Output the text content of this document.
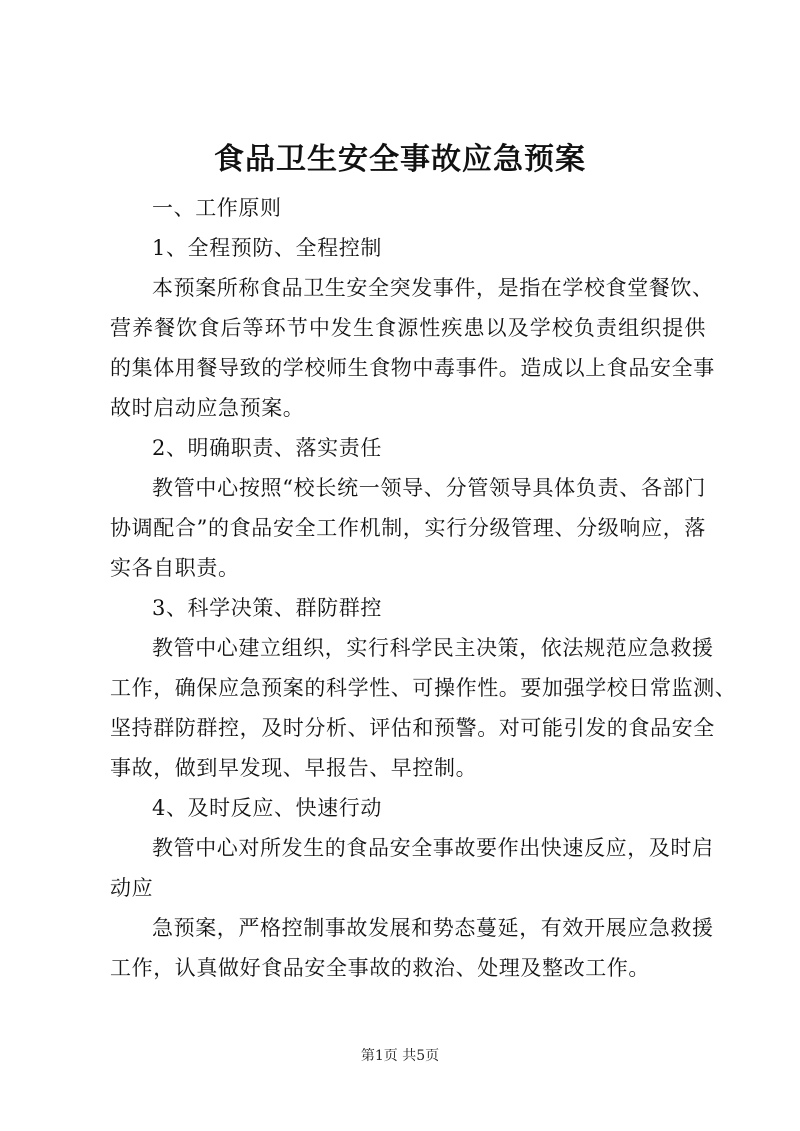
食品卫生安全事故应急预案
一、工作原则
1、全程预防、全程控制
本预案所称食品卫生安全突发事件，是指在学校食堂餐饮、
营养餐饮食后等环节中发生食源性疾患以及学校负责组织提供
的集体用餐导致的学校师生食物中毒事件。造成以上食品安全事
故时启动应急预案。
2、明确职责、落实责任
教管中心按照“校长统一领导、分管领导具体负责、各部门
协调配合”的食品安全工作机制，实行分级管理、分级响应，落
实各自职责。
3、科学决策、群防群控
教管中心建立组织，实行科学民主决策，依法规范应急救援
工作，确保应急预案的科学性、可操作性。要加强学校日常监测、
坚持群防群控，及时分析、评估和预警。对可能引发的食品安全
事故，做到早发现、早报告、早控制。
4、及时反应、快速行动
教管中心对所发生的食品安全事故要作出快速反应，及时启
动应
急预案，严格控制事故发展和势态蔓延，有效开展应急救援
工作，认真做好食品安全事故的救治、处理及整改工作。
第1页 共5页
